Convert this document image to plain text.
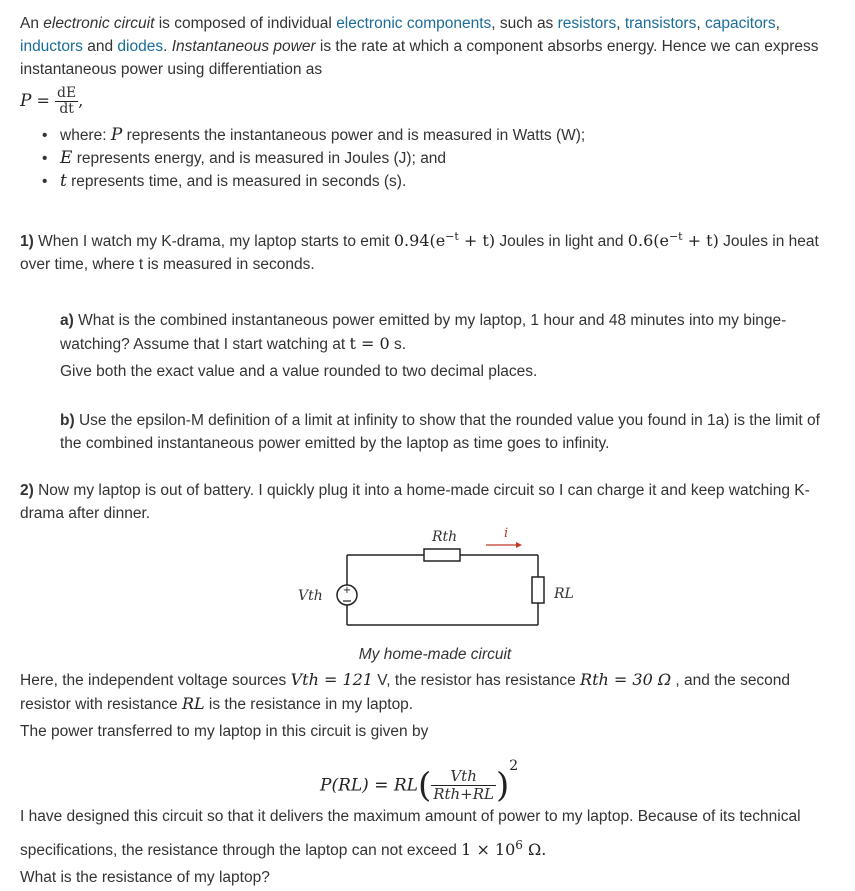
An electronic circuit is composed of individual electronic components, such as resistors, transistors, capacitors,
inductors and diodes. Instantaneous power is the rate at which a component absorbs energy. Hence we can express instantaneous power using differentiation as

$P = \frac{dE}{dt}$ ,
• where: P represents the instantaneous power and is measured in Watts (W);
• E represents energy, and is measured in Joules (J); and
• t represents time, and is measured in seconds (s).

1) When I watch my K-drama, my laptop starts to emit $0.94(e^{-t} + t)$ Joules in light and $0.6(e^{-t} + t)$ Joules in heat over time, where t is measured in seconds.

a) What is the combined instantaneous power emitted by my laptop, 1 hour and 48 minutes into my binge-watching? Assume that I start watching at t = 0 s.

Give both the exact value and a value rounded to two decimal places.

b) Use the epsilon-M definition of a limit at infinity to show that the rounded value you found in 1a) is the limit of the combined instantaneous power emitted by the laptop as time goes to infinity.

2) Now my laptop is out of battery. I quickly plug it into a home-made circuit so I can charge it and keep watching K-drama after dinner.

+
Rth	i
Vth	RL

My home-made circuit

Here, the independent voltage sources Vth = 121 V, the resistor has resistance Rth = 30 Ω , and the second resistor with resistance RL is the resistance in my laptop.

The power transferred to my laptop in this circuit is given by

$P(RL) = RL( \frac{\text{Vth}}{\text{Rth+RL}} )^2$

I have designed this circuit so that it delivers the maximum amount of power to my laptop. Because of its technical specifications, the resistance through the laptop can not exceed $1 \times 10^6$ Ω.

What is the resistance of my laptop?
